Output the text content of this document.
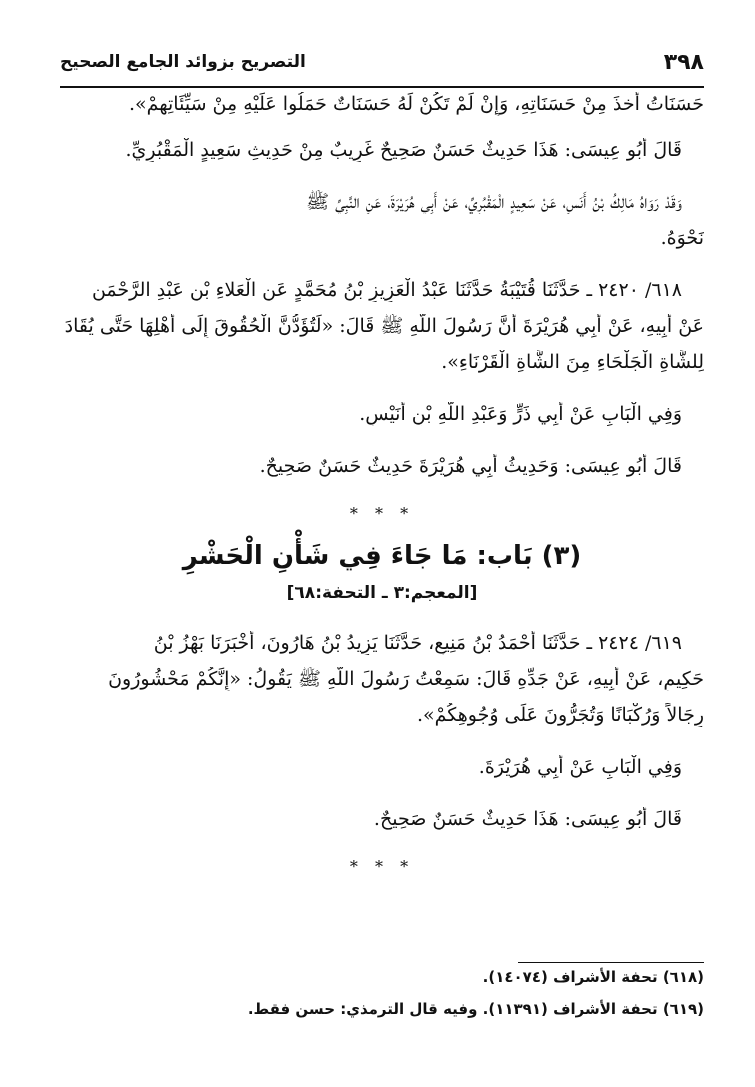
٣٩٨
التصريح بزوائد الجامع الصحيح

حَسَنَاتُ أُخذَ مِنْ حَسَنَاتِهِ، وَإِنْ لَمْ تَكُنْ لَهُ حَسَنَاتٌ حَمَلُوا عَلَيْهِ مِنْ سَيِّئَاتِهِمْ».

قَالَ أَبُو عِيسَى: هَذَا حَدِيثٌ حَسَنٌ صَحِيحٌ غَرِيبٌ مِنْ حَدِيثِ سَعِيدٍ الْمَقْبُرِيِّ.

وَقَدْ رَوَاهُ مَالِكُ بْنُ أَنَسٍ، عَنْ سَعِيدٍ الْمَقْبُرِيِّ، عَنْ أَبِي هُرَيْرَةَ، عَنِ النَّبِيِّ ﷺ

نَحْوَهُ.

٦١٨/ ٢٤٢٠ ـ حَدَّثَنَا قُتَيْبَةُ حَدَّثَنَا عَبْدُ الْعَزِيزِ بْنُ مُحَمَّدٍ عَنِ الْعَلاءِ بْنِ عَبْدِ الرَّحْمَنِ

عَنْ أَبِيهِ، عَنْ أَبِي هُرَيْرَةَ أَنَّ رَسُولَ اللَّهِ ﷺ قَالَ: «لَتُؤَدُّنَّ الْحُقُوقَ إِلَى أَهْلِهَا حَتَّى يُقَادَ

لِلشَّاةِ الْجَلْحَاءِ مِنَ الشَّاةِ الْقَرْنَاءِ».

وَفِي الْبَابِ عَنْ أَبِي ذَرٍّ وَعَبْدِ اللَّهِ بْنِ أُنَيْسٍ.

قَالَ أَبُو عِيسَى: وَحَدِيثُ أَبِي هُرَيْرَةَ حَدِيثٌ حَسَنٌ صَحِيحٌ.

* * *
(٣) بَاب: مَا جَاءَ فِي شَأْنِ الْحَشْرِ
[المعجم:٣ ـ التحفة:٦٨]

٦١٩/ ٢٤٢٤ ـ حَدَّثَنَا أَحْمَدُ بْنُ مَنِيعٍ، حَدَّثَنَا يَزِيدُ بْنُ هَارُونَ، أَخْبَرَنَا بَهْزُ بْنُ

حَكِيمٍ، عَنْ أَبِيهِ، عَنْ جَدِّهِ قَالَ: سَمِعْتُ رَسُولَ اللَّهِ ﷺ يَقُولُ: «إِنَّكُمْ مَحْشُورُونَ

رِجَالاً وَرُكْبَانًا وَتُجَرُّونَ عَلَى وُجُوهِكُمْ».

وَفِي الْبَابِ عَنْ أَبِي هُرَيْرَةَ.

قَالَ أَبُو عِيسَى: هَذَا حَدِيثٌ حَسَنٌ صَحِيحٌ.

* * *

(٦١٨) تحفة الأشراف (١٤٠٧٤).

(٦١٩) تحفة الأشراف (١١٣٩١). وفيه قال الترمذي: حسن فقط.
